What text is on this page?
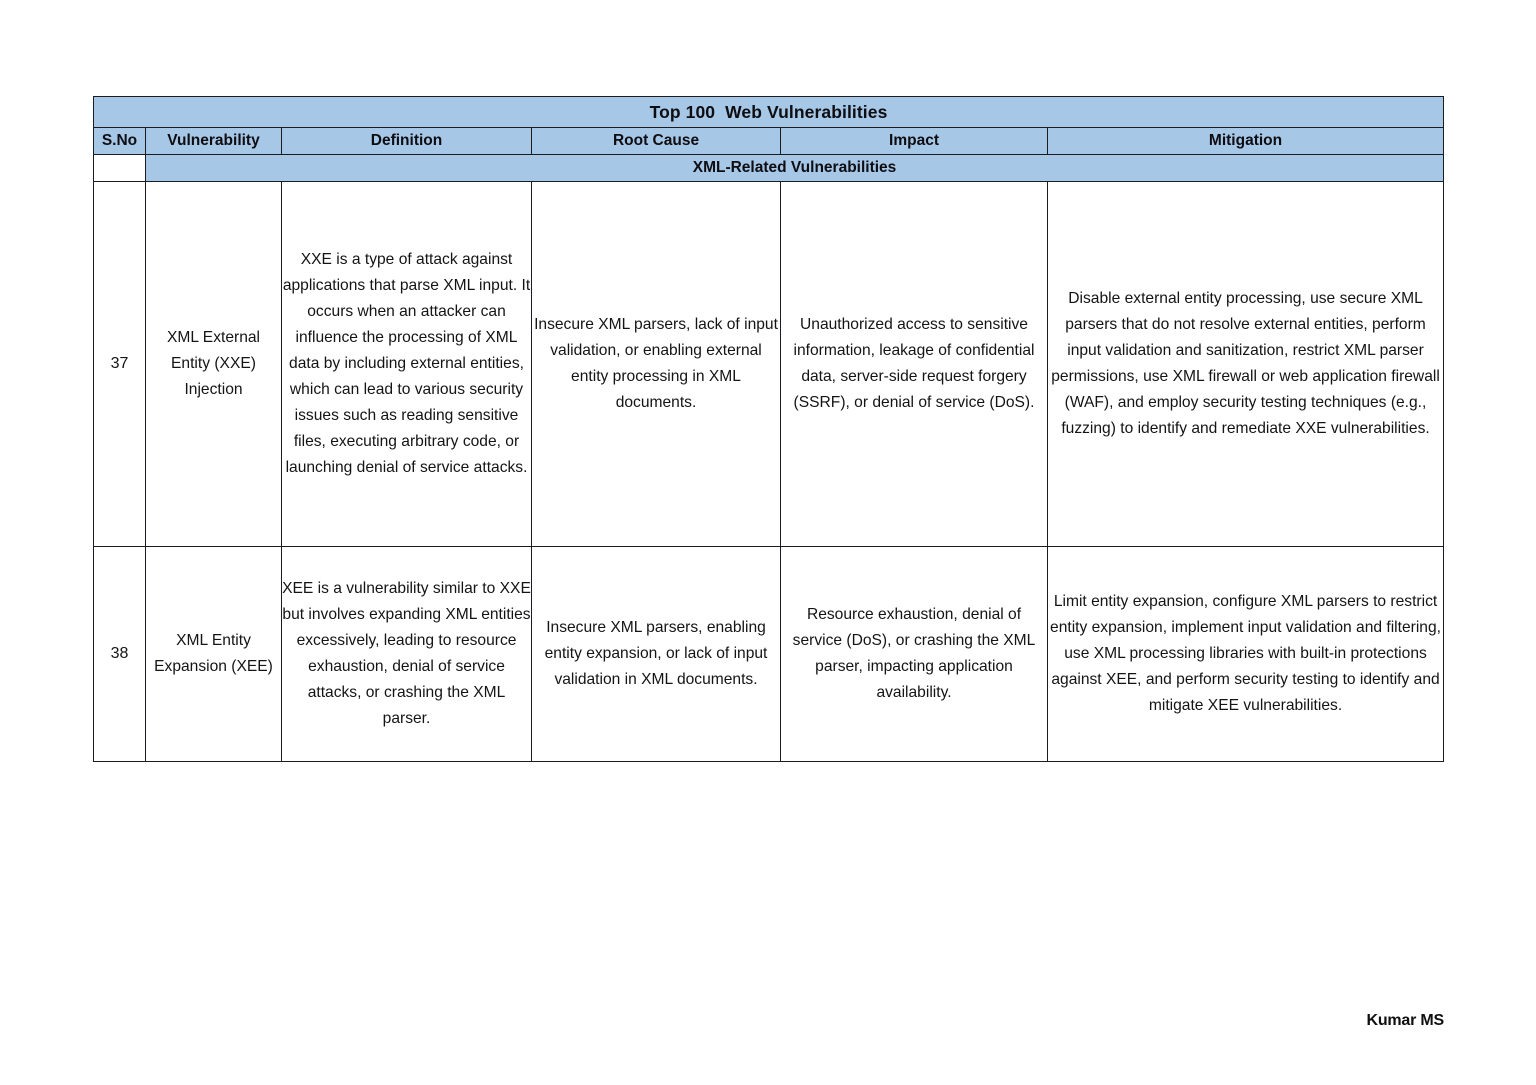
Top 100  Web Vulnerabilities					
S.No	Vulnerability	Definition	Root Cause	Impact	Mitigation
	XML-Related Vulnerabilities				
37	XML External Entity (XXE) Injection	XXE is a type of attack against applications that parse XML input. It occurs when an attacker can influence the processing of XML data by including external entities, which can lead to various security issues such as reading sensitive files, executing arbitrary code, or launching denial of service attacks.	Insecure XML parsers, lack of input validation, or enabling external entity processing in XML documents.	Unauthorized access to sensitive information, leakage of confidential data, server-side request forgery (SSRF), or denial of service (DoS).	Disable external entity processing, use secure XML parsers that do not resolve external entities, perform input validation and sanitization, restrict XML parser permissions, use XML firewall or web application firewall (WAF), and employ security testing techniques (e.g., fuzzing) to identify and remediate XXE vulnerabilities.
38	XML Entity Expansion (XEE)	XEE is a vulnerability similar to XXE but involves expanding XML entities excessively, leading to resource exhaustion, denial of service attacks, or crashing the XML parser.	Insecure XML parsers, enabling entity expansion, or lack of input validation in XML documents.	Resource exhaustion, denial of service (DoS), or crashing the XML parser, impacting application availability.	Limit entity expansion, configure XML parsers to restrict entity expansion, implement input validation and filtering, use XML processing libraries with built-in protections against XEE, and perform security testing to identify and mitigate XEE vulnerabilities.
Kumar MS
